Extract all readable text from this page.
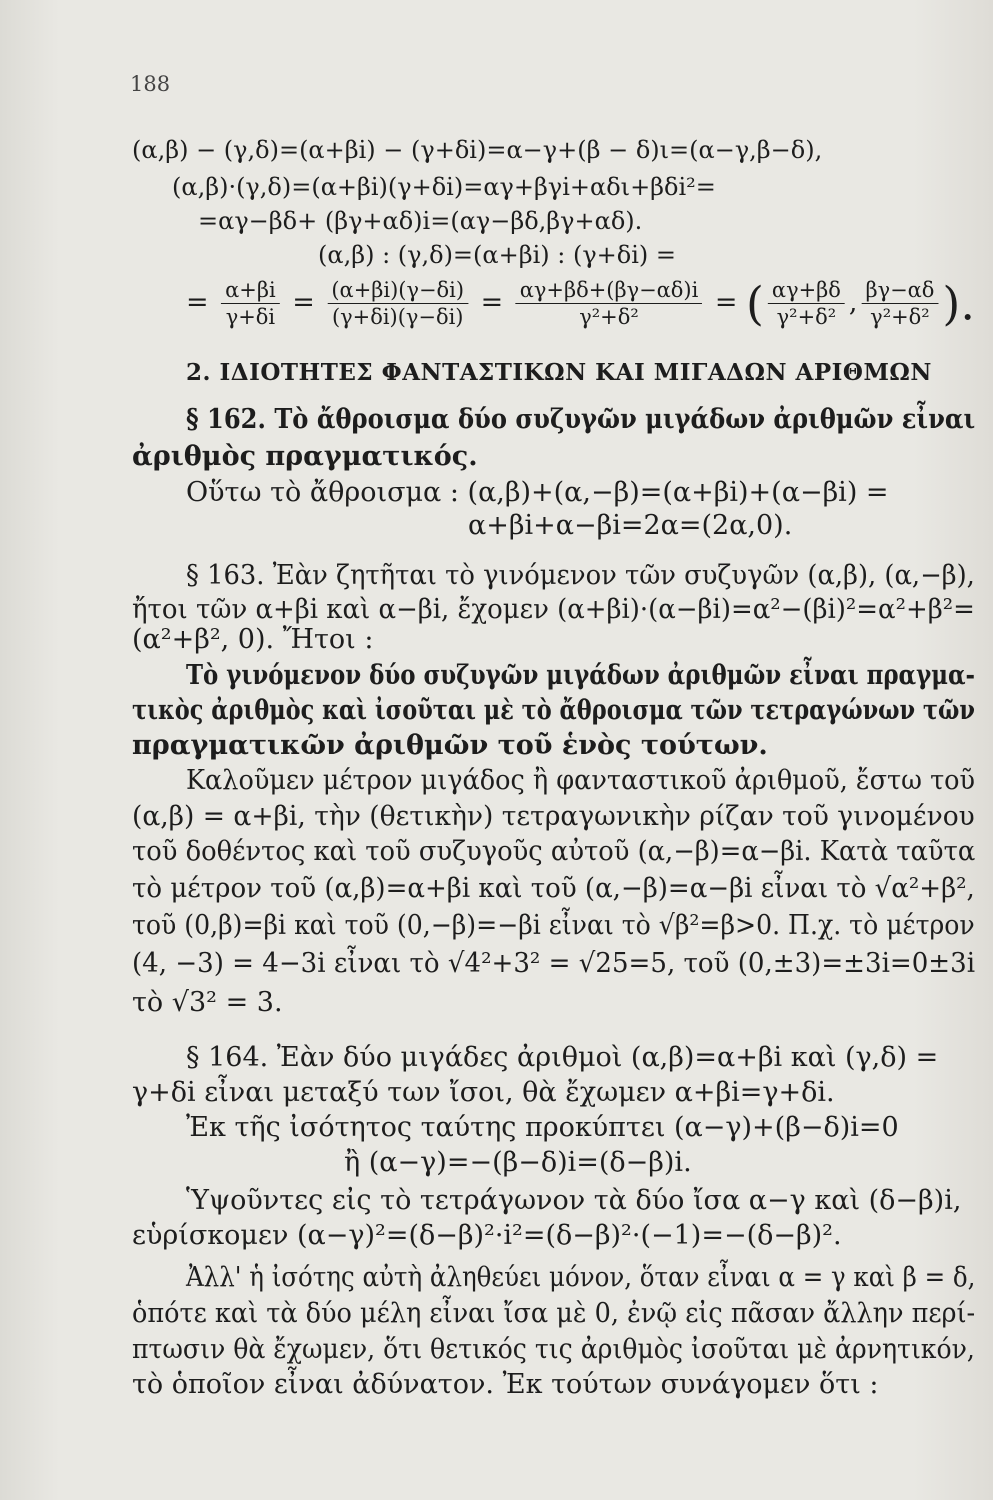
188
(α,β) − (γ,δ)=(α+βi) − (γ+δi)=α−γ+(β − δ)ι=(α−γ,β−δ),
(α,β)·(γ,δ)=(α+βi)(γ+δi)=αγ+βγi+αδι+βδi²=
=αγ−βδ+ (βγ+αδ)i=(αγ−βδ,βγ+αδ).
(α,β) : (γ,δ)=(α+βi) : (γ+δi) =
= $\frac{\alpha+\beta i}{\gamma+\delta i} = \frac{(\alpha+\beta i)(\gamma-\delta i)}{(\gamma+\delta i)(\gamma-\delta i)} = \frac{\alpha\gamma+\beta\delta+(\beta\gamma-\alpha\delta)i}{\text{γ²+δ²}}$ = ( $\frac{\alpha\gamma+\beta\delta}{\text{γ²+δ²}}$ , $\frac{\beta\gamma-\alpha\delta}{\text{γ²+δ²}}$ ).
2. ΙΔΙΟΤΗΤΕΣ ΦΑΝΤΑΣΤΙΚΩΝ ΚΑΙ ΜΙΓΑΔΩΝ ΑΡΙΘΜΩΝ
§ 162. Τὸ ἄθροισμα δύο συζυγῶν μιγάδων ἀριθμῶν εἶναι
ἀριθμὸς πραγματικός.
Οὕτω τὸ ἄθροισμα : (α,β)+(α,−β)=(α+βi)+(α−βi) =
α+βi+α−βi=2α=(2α,0).
§ 163. Ἐὰν ζητῆται τὸ γινόμενον τῶν συζυγῶν (α,β), (α,−β),
ἤτοι τῶν α+βi καὶ α−βi, ἔχομεν (α+βi)·(α−βi)=α²−(βi)²=α²+β²=
(α²+β², 0). Ἤτοι :
Τὸ γινόμενον δύο συζυγῶν μιγάδων ἀριθμῶν εἶναι πραγμα-
τικὸς ἀριθμὸς καὶ ἰσοῦται μὲ τὸ ἄθροισμα τῶν τετραγώνων τῶν
πραγματικῶν ἀριθμῶν τοῦ ἑνὸς τούτων.
Καλοῦμεν μέτρον μιγάδος ἢ φανταστικοῦ ἀριθμοῦ, ἔστω τοῦ
(α,β) = α+βi, τὴν (θετικὴν) τετραγωνικὴν ρίζαν τοῦ γινομένου
τοῦ δοθέντος καὶ τοῦ συζυγοῦς αὐτοῦ (α,−β)=α−βi. Κατὰ ταῦτα
τὸ μέτρον τοῦ (α,β)=α+βi καὶ τοῦ (α,−β)=α−βi εἶναι τὸ √α²+β²,
τοῦ (0,β)=βi καὶ τοῦ (0,−β)=−βi εἶναι τὸ √β²=β>0. Π.χ. τὸ μέτρον
(4, −3) = 4−3i εἶναι τὸ √4²+3² = √25=5, τοῦ (0,±3)=±3i=0±3i
τὸ √3² = 3.
§ 164. Ἐὰν δύο μιγάδες ἀριθμοὶ (α,β)=α+βi καὶ (γ,δ) =
γ+δi εἶναι μεταξύ των ἴσοι, θὰ ἔχωμεν α+βi=γ+δi.
Ἐκ τῆς ἰσότητος ταύτης προκύπτει (α−γ)+(β−δ)i=0
ἢ (α−γ)=−(β−δ)i=(δ−β)i.
Ὑψοῦντες εἰς τὸ τετράγωνον τὰ δύο ἴσα α−γ καὶ (δ−β)i,
εὑρίσκομεν (α−γ)²=(δ−β)²·i²=(δ−β)²·(−1)=−(δ−β)².
Ἀλλ' ἡ ἰσότης αὐτὴ ἀληθεύει μόνον, ὅταν εἶναι α = γ καὶ β = δ,
ὁπότε καὶ τὰ δύο μέλη εἶναι ἴσα μὲ 0, ἐνῷ εἰς πᾶσαν ἄλλην περί-
πτωσιν θὰ ἔχωμεν, ὅτι θετικός τις ἀριθμὸς ἰσοῦται μὲ ἀρνητικόν,
τὸ ὁποῖον εἶναι ἀδύνατον. Ἐκ τούτων συνάγομεν ὅτι :
